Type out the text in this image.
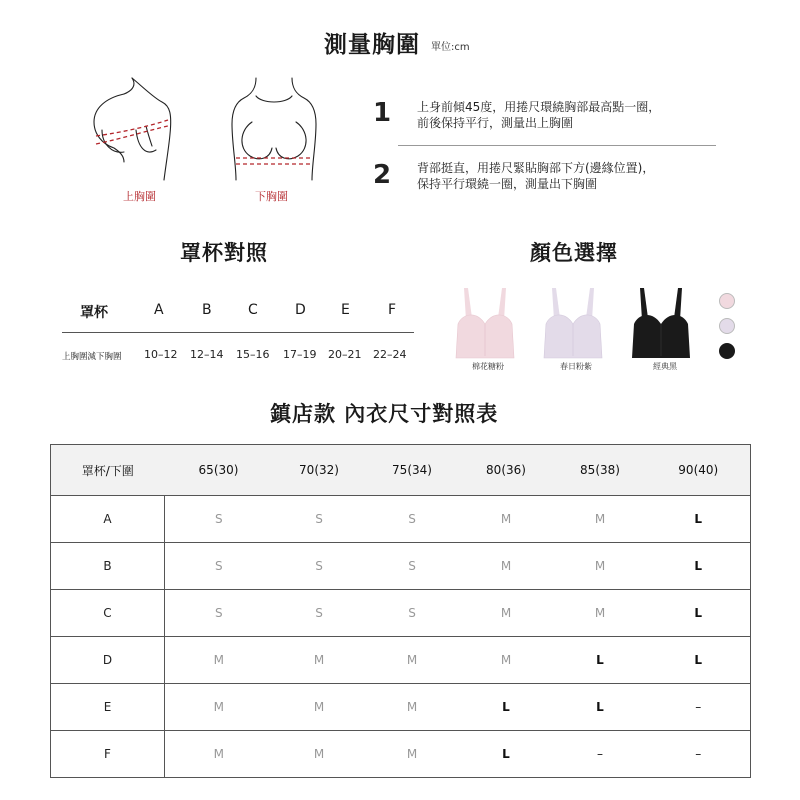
測量胸圍 單位:cm
上胸圍	下胸圍
1 上身前傾45度，用捲尺環繞胸部最高點一圈，
前後保持平行，測量出上胸圍
2 背部挺直，用捲尺緊貼胸部下方(邊緣位置)，
保持平行環繞一圈，測量出下胸圍
罩杯對照
罩杯	A	B	C	D	E	F
上胸圍減下胸圍 10–12 12–14 15–16 17–19 20–21 22–24
顏色選擇
棉花糖粉	春日粉紫	經典黑
鎮店款 內衣尺寸對照表
罩杯/下圍	65(30)	70(32)	75(34)	80(36)	85(38)	90(40)
A	S	S	S	M	M	L
B	S	S	S	M	M	L
C	S	S	S	M	M	L
D	M	M	M	M	L	L
E	M	M	M	L	L	–
F	M	M	M	L	–	–
